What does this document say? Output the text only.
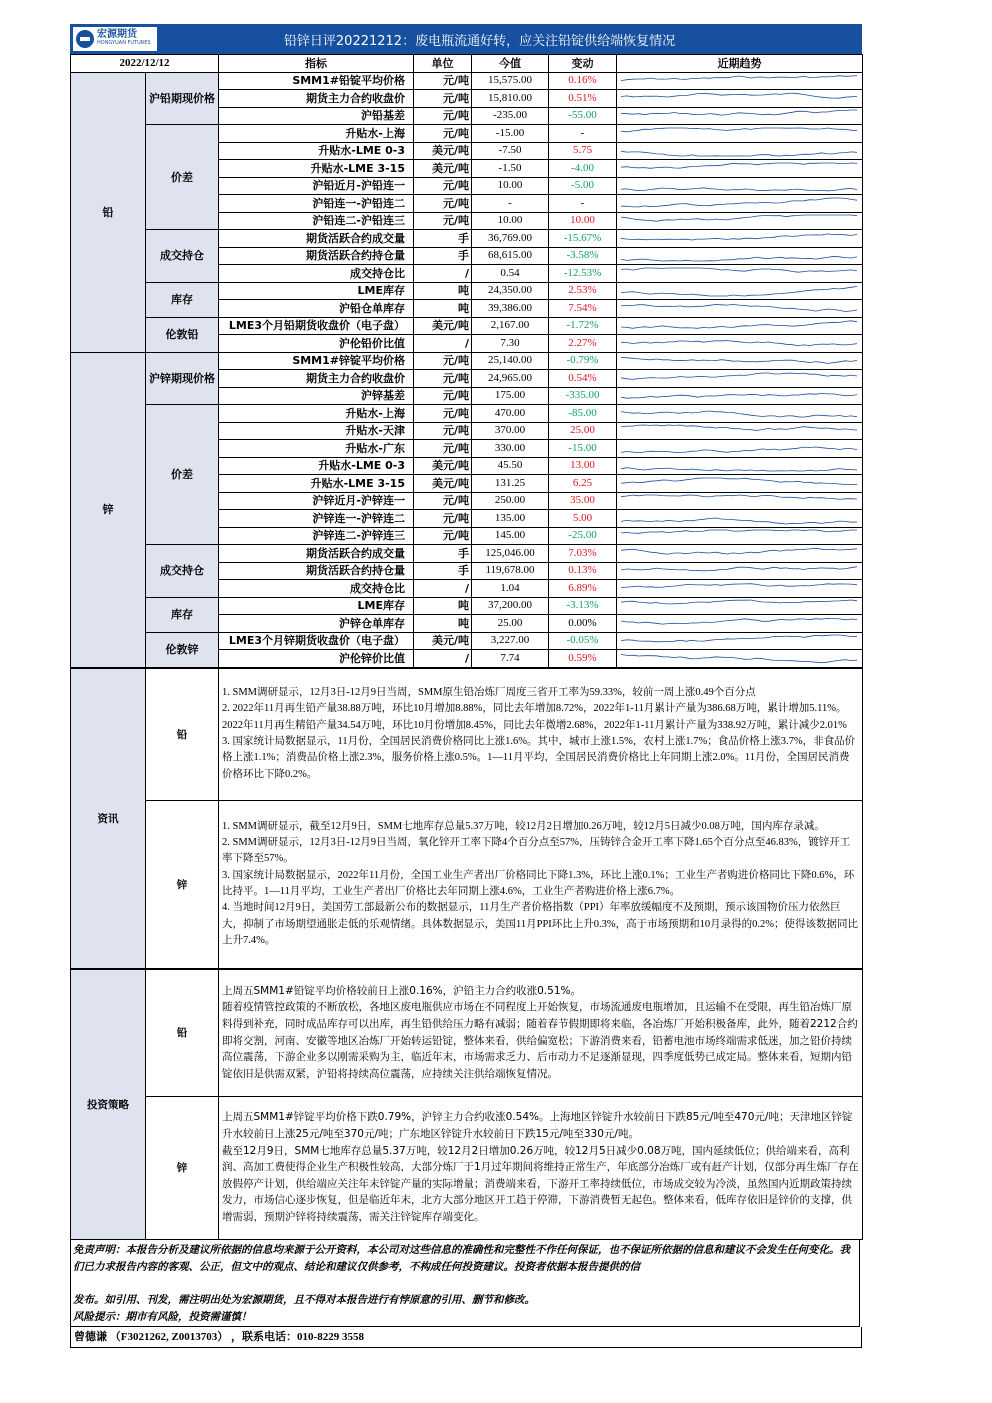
宏源期货
HONGYUAN FUTURES	铅锌日评20221212：废电瓶流通好转，应关注铅锭供给端恢复情况
2022/12/12		指标	单位	今值	变动	近期趋势
铅	沪铅期现价格	SMM1#铅锭平均价格	元/吨	15,575.00	0.16%	

		期货主力合约收盘价	元/吨	15,810.00	0.51%	

		沪铅基差	元/吨	-235.00	-55.00	

	价差	升贴水-上海	元/吨	-15.00	-	

		升贴水-LME 0-3	美元/吨	-7.50	5.75	

		升贴水-LME 3-15	美元/吨	-1.50	-4.00	

		沪铅近月-沪铅连一	元/吨	10.00	-5.00	

		沪铅连一-沪铅连二	元/吨	-	-	

		沪铅连二-沪铅连三	元/吨	10.00	10.00	

	成交持仓	期货活跃合约成交量	手	36,769.00	-15.67%	

		期货活跃合约持仓量	手	68,615.00	-3.58%	

		成交持仓比	/	0.54	-12.53%	

	库存	LME库存	吨	24,350.00	2.53%	

		沪铅仓单库存	吨	39,386.00	7.54%	

	伦敦铅	LME3个月铅期货收盘价（电子盘）	美元/吨	2,167.00	-1.72%	

		沪伦铅价比值	/	7.30	2.27%	

锌	沪锌期现价格	SMM1#锌锭平均价格	元/吨	25,140.00	-0.79%	

		期货主力合约收盘价	元/吨	24,965.00	0.54%	

		沪锌基差	元/吨	175.00	-335.00	

	价差	升贴水-上海	元/吨	470.00	-85.00	

		升贴水-天津	元/吨	370.00	25.00	

		升贴水-广东	元/吨	330.00	-15.00	

		升贴水-LME 0-3	美元/吨	45.50	13.00	

		升贴水-LME 3-15	美元/吨	131.25	6.25	

		沪锌近月-沪锌连一	元/吨	250.00	35.00	

		沪锌连一-沪锌连二	元/吨	135.00	5.00	

		沪锌连二-沪锌连三	元/吨	145.00	-25.00	

	成交持仓	期货活跃合约成交量	手	125,046.00	7.03%	

		期货活跃合约持仓量	手	119,678.00	0.13%	

		成交持仓比	/	1.04	6.89%	

	库存	LME库存	吨	37,200.00	-3.13%	

		沪锌仓单库存	吨	25.00	0.00%	

	伦敦锌	LME3个月锌期货收盘价（电子盘）	美元/吨	3,227.00	-0.05%	

		沪伦锌价比值	/	7.74	0.59%	
资讯	铅	1. SMM调研显示，12月3日-12月9日当周，SMM原生铅冶炼厂周度三省开工率为59.33%，较前一周上涨0.49个百分点
2. 2022年11月再生铅产量38.88万吨，环比10月增加8.88%，同比去年增加8.72%，2022年1-11月累计产量为386.68万吨，累计增加5.11%。2022年11月再生精铅产量34.54万吨，环比10月份增加8.45%，同比去年微增2.68%，2022年1-11月累计产量为338.92万吨，累计减少2.01%
3. 国家统计局数据显示，11月份，全国居民消费价格同比上涨1.6%。其中，城市上涨1.5%，农村上涨1.7%；食品价格上涨3.7%，非食品价格上涨1.1%；消费品价格上涨2.3%，服务价格上涨0.5%。1—11月平均，全国居民消费价格比上年同期上涨2.0%。11月份，全国居民消费价格环比下降0.2%。
	锌	1. SMM调研显示，截至12月9日，SMM七地库存总量5.37万吨，较12月2日增加0.26万吨，较12月5日减少0.08万吨，国内库存录减。
2. SMM调研显示，12月3日-12月9日当周，氧化锌开工率下降4个百分点至57%，压铸锌合金开工率下降1.65个百分点至46.83%，镀锌开工率下降至57%。
3. 国家统计局数据显示，2022年11月份，全国工业生产者出厂价格同比下降1.3%，环比上涨0.1%；工业生产者购进价格同比下降0.6%，环比持平。1—11月平均，工业生产者出厂价格比去年同期上涨4.6%，工业生产者购进价格上涨6.7%。
4. 当地时间12月9日，美国劳工部最新公布的数据显示，11月生产者价格指数（PPI）年率放缓幅度不及预期，预示该国物价压力依然巨大，抑制了市场期望通胀走低的乐观情绪。具体数据显示，美国11月PPI环比上升0.3%，高于市场预期和10月录得的0.2%；使得该数据同比上升7.4%。
投资策略	铅	上周五SMM1#铅锭平均价格较前日上涨0.16%，沪铅主力合约收涨0.51%。
随着疫情管控政策的不断放松，各地区废电瓶供应市场在不同程度上开始恢复，市场流通废电瓶增加，且运输不在受限，再生铅冶炼厂原料得到补充，同时成品库存可以出库，再生铅供给压力略有减弱；随着春节假期即将来临，各冶炼厂开始积极备库，此外，随着2212合约即将交割，河南、安徽等地区冶炼厂开始转运铅锭，整体来看，供给偏宽松；下游消费来看，铅蓄电池市场终端需求低迷，加之铅价持续高位震荡，下游企业多以刚需采购为主，临近年末，市场需求乏力、后市动力不足逐渐显现，四季度低势已成定局。整体来看，短期内铅锭依旧是供需双紧，沪铅将持续高位震荡，应持续关注供给端恢复情况。
	锌	上周五SMM1#锌锭平均价格下跌0.79%，沪锌主力合约收涨0.54%。上海地区锌锭升水较前日下跌85元/吨至470元/吨；天津地区锌锭升水较前日上涨25元/吨至370元/吨；广东地区锌锭升水较前日下跌15元/吨至330元/吨。
截至12月9日，SMM七地库存总量5.37万吨，较12月2日增加0.26万吨，较12月5日减少0.08万吨，国内延续低位；供给端来看，高利润、高加工费使得企业生产积极性较高，大部分炼厂于1月过年期间将维持正常生产，年底部分冶炼厂或有赶产计划，仅部分再生炼厂存在放假停产计划，供给端应关注年末锌锭产量的实际增量；消费端来看，下游开工率持续低位，市场成交较为冷淡，虽然国内近期政策持续发力，市场信心逐步恢复，但是临近年末，北方大部分地区开工趋于停滞，下游消费暂无起色。整体来看，低库存依旧是锌价的支撑，供增需弱，预期沪锌将持续震荡，需关注锌锭库存端变化。
免责声明：本报告分析及建议所依据的信息均来源于公开资料，本公司对这些信息的准确性和完整性不作任何保证，也不保证所依据的信息和建议不会发生任何变化。我们已力求报告内容的客观、公正，但文中的观点、结论和建议仅供参考，不构成任何投资建议。投资者依据本报告提供的信
发布。如引用、刊发，需注明出处为宏源期货，且不得对本报告进行有悖原意的引用、删节和修改。
风险提示：期市有风险，投资需谨慎！
曾德谦 （F3021262, Z0013703） ，联系电话：010-8229 3558
